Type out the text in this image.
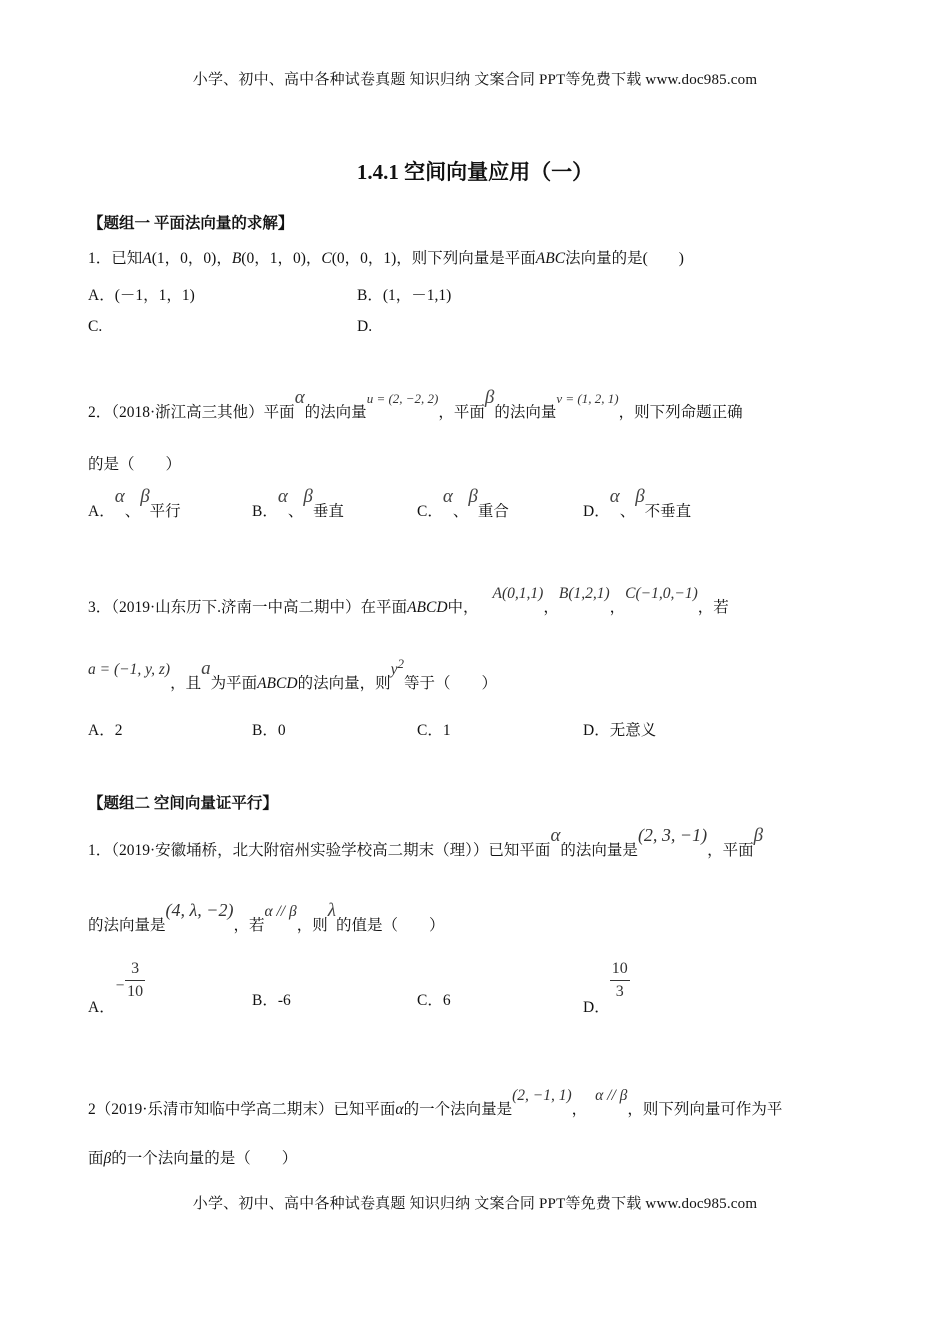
小学、初中、高中各种试卷真题 知识归纳 文案合同 PPT等免费下载 www.doc985.com
1.4.1 空间向量应用（一）
【题组一 平面法向量的求解】
1．已知A(1，0，0)，B(0，1，0)，C(0，0，1)，则下列向量是平面ABC法向量的是(　　)
A．(－1，1，1)	B．(1，－1,1)
C.	D.
2．（2018·浙江高三其他）平面α的法向量$^{u = (2, -2, 2)}$，平面β的法向量$^{v = (1, 2, 1)}$，则下列命题正确
的是（　　）
A．α、β平行	B．α、β垂直	C．α、β重合	D．α、β不垂直
3．（2019·山东历下.济南一中高二期中）在平面ABCD中，A(0,1,1)，B(1,2,1)，C(−1,0,−1)，若
a = (−1, y, z)，且a为平面ABCD的法向量，则$y^2$等于（　　）
A．2	B．0	C．1	D．无意义
【题组二 空间向量证平行】
1．（2019·安徽埇桥，北大附宿州实验学校高二期末（理））已知平面α的法向量是(2, 3, −1)，平面β
的法向量是(4, λ, −2)，若α // β，则λ的值是（　　）
A．− $\frac{3}{10}$	B．-6	C．6	D．
$\frac{10}{3}$
2（2019·乐清市知临中学高二期末）已知平面α的一个法向量是(2, −1, 1)，α // β，则下列向量可作为平
面β的一个法向量的是（　　）
小学、初中、高中各种试卷真题 知识归纳 文案合同 PPT等免费下载 www.doc985.com
